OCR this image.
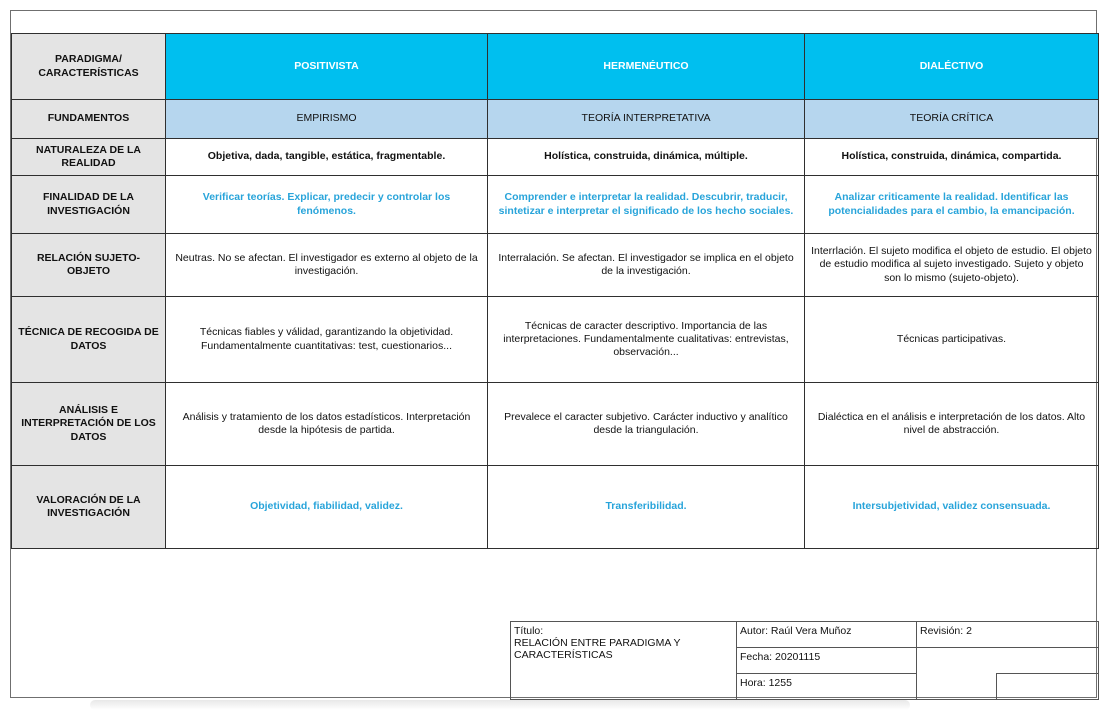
PARADIGMA/ CARACTERÍSTICAS	POSITIVISTA	HERMENÉUTICO	DIALÉCTIVO
FUNDAMENTOS	EMPIRISMO	TEORÍA INTERPRETATIVA	TEORÍA CRÍTICA
NATURALEZA DE LA REALIDAD	Objetiva, dada, tangible, estática, fragmentable.	Holística, construida, dinámica, múltiple.	Holística, construida, dinámica, compartida.
FINALIDAD DE LA INVESTIGACIÓN	Verificar teorías. Explicar, predecir y controlar los fenómenos.	Comprender e interpretar la realidad. Descubrir, traducir, sintetizar e interpretar el significado de los hecho sociales.	Analizar criticamente la realidad. Identificar las potencialidades para el cambio, la emancipación.
RELACIÓN SUJETO-OBJETO	Neutras. No se afectan. El investigador es externo al objeto de la investigación.	Interralación. Se afectan. El investigador se implica en el objeto de la investigación.	Interrlación. El sujeto modifica el objeto de estudio. El objeto de estudio modifica al sujeto investigado. Sujeto y objeto son lo mismo (sujeto-objeto).
TÉCNICA DE RECOGIDA DE DATOS	Técnicas fiables y válidad, garantizando la objetividad. Fundamentalmente cuantitativas: test, cuestionarios...	Técnicas de caracter descriptivo. Importancia de las interpretaciones. Fundamentalmente cualitativas: entrevistas, observación...	Técnicas participativas.
ANÁLISIS E INTERPRETACIÓN DE LOS DATOS	Análisis y tratamiento de los datos estadísticos. Interpretación desde la hipótesis de partida.	Prevalece el caracter subjetivo. Carácter inductivo y analítico desde la triangulación.	Dialéctica en el análisis e interpretación de los datos. Alto nivel de abstracción.
VALORACIÓN DE LA INVESTIGACIÓN	Objetividad, fiabilidad, validez.	Transferibilidad.	Intersubjetividad, validez consensuada.
Título:
RELACIÓN ENTRE PARADIGMA Y
CARACTERÍSTICAS	Autor: Raúl Vera Muñoz	Revisión: 2	
	Fecha: 20201115		
	Hora: 1255		
